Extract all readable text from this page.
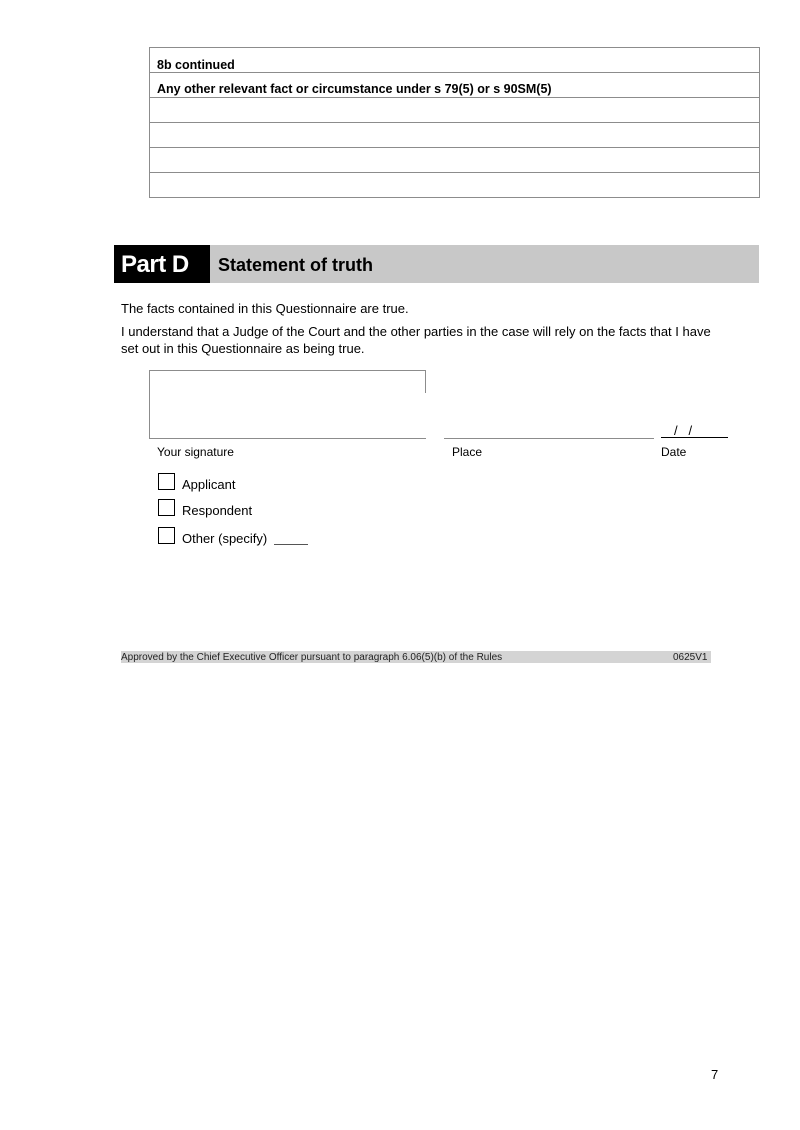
8b continued
Any other relevant fact or circumstance under s 79(5) or s 90SM(5)
Part D	Statement of truth
The facts contained in this Questionnaire are true.
I understand that a Judge of the Court and the other parties in the case will rely on the facts that I have set out in this Questionnaire as being true.
/   /
Your signature	Place	Date
Applicant
Respondent
Other (specify)
Approved by the Chief Executive Officer pursuant to paragraph 6.06(5)(b) of the Rules	0625V1
7
